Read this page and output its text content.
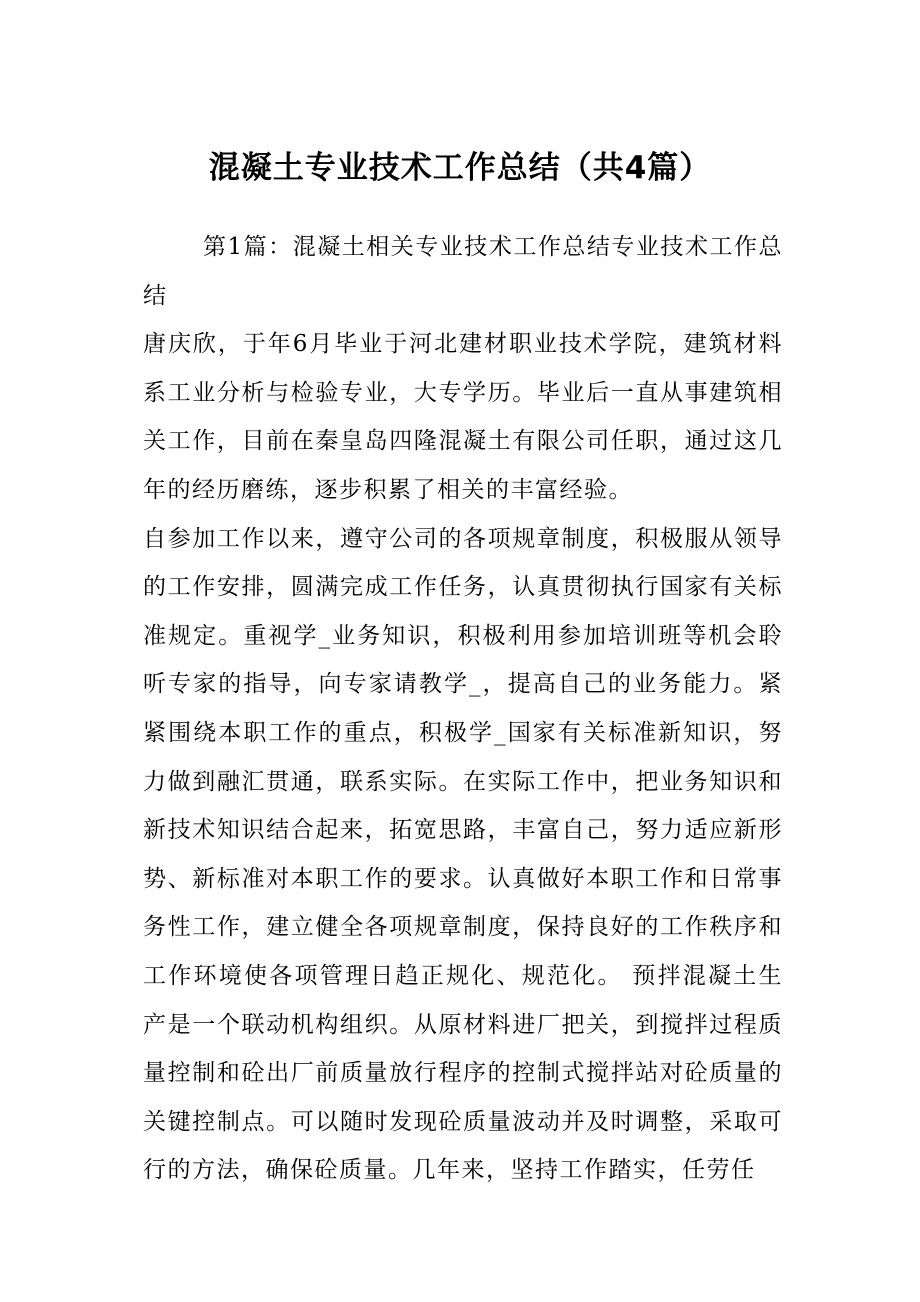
混凝土专业技术工作总结（共4篇）

第1篇：混凝土相关专业技术工作总结专业技术工作总结

唐庆欣，于年6月毕业于河北建材职业技术学院，建筑材料系工业分析与检验专业，大专学历。毕业后一直从事建筑相关工作，目前在秦皇岛四隆混凝土有限公司任职，通过这几年的经历磨练，逐步积累了相关的丰富经验。

自参加工作以来，遵守公司的各项规章制度，积极服从领导的工作安排，圆满完成工作任务，认真贯彻执行国家有关标准规定。重视学_业务知识，积极利用参加培训班等机会聆听专家的指导，向专家请教学_，提高自己的业务能力。紧紧围绕本职工作的重点，积极学_国家有关标准新知识，努力做到融汇贯通，联系实际。在实际工作中，把业务知识和新技术知识结合起来，拓宽思路，丰富自己，努力适应新形势、新标准对本职工作的要求。认真做好本职工作和日常事务性工作，建立健全各项规章制度，保持良好的工作秩序和工作环境使各项管理日趋正规化、规范化。 预拌混凝土生产是一个联动机构组织。从原材料进厂把关，到搅拌过程质量控制和砼出厂前质量放行程序的控制式搅拌站对砼质量的关键控制点。可以随时发现砼质量波动并及时调整，采取可行的方法，确保砼质量。几年来，坚持工作踏实，任劳任
